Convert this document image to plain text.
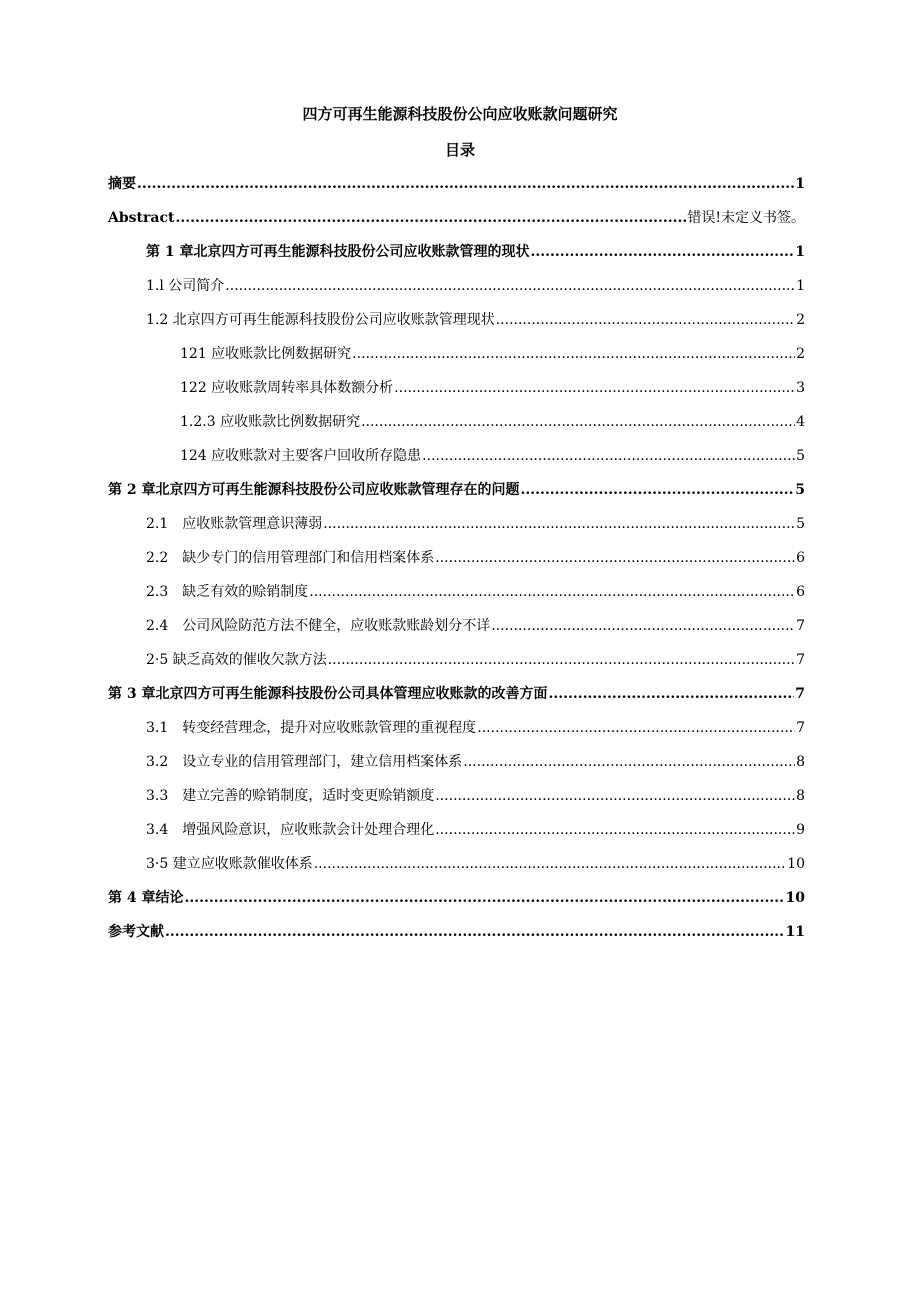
四方可再生能源科技股份公向应收账款问题研究
目录
摘要 .....	1
Abstract .....	错误!未定义书签。
第 1 章北京四方可再生能源科技股份公司应收账款管理的现状 .....	1
1.l 公司简介 .....	1
1.2 北京四方可再生能源科技股份公司应收账款管理现状 .....	2
121 应收账款比例数据研究 .....	2
122 应收账款周转率具体数额分析 .....	3
1.2.3 应收账款比例数据研究 .....	4
124 应收账款对主要客户回收所存隐患 .....	5
第 2 章北京四方可再生能源科技股份公司应收账款管理存在的问题 .....	5
2.1　应收账款管理意识薄弱 .....	5
2.2　缺少专门的信用管理部门和信用档案体系 .....	6
2.3　缺乏有效的赊销制度 .....	6
2.4　公司风险防范方法不健全，应收账款账龄划分不详 .....	7
2·5 缺乏高效的催收欠款方法 .....	7
第 3 章北京四方可再生能源科技股份公司具体管理应收账款的改善方面 .....	7
3.1　转变经营理念，提升对应收账款管理的重视程度 .....	7
3.2　设立专业的信用管理部门，建立信用档案体系 .....	8
3.3　建立完善的赊销制度，适时变更赊销额度 .....	8
3.4　增强风险意识，应收账款会计处理合理化 .....	9
3·5 建立应收账款催收体系 .....	10
第 4 章结论 .....	10
参考文献 .....	11
